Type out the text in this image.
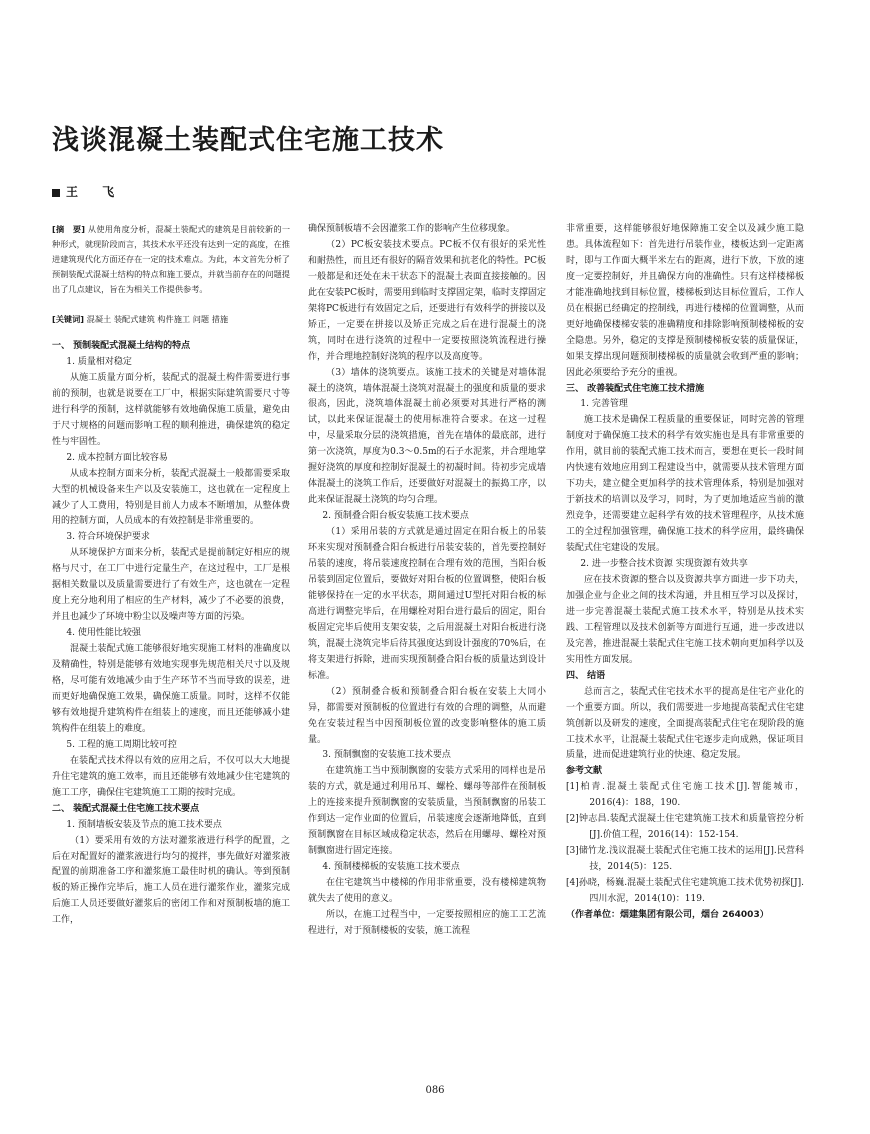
浅谈混凝土装配式住宅施工技术
王 飞

[摘　要] 从使用角度分析，混凝土装配式的建筑是目前较新的一种形式，就现阶段而言，其技术水平还没有达到一定的高度，在推进建筑现代化方面还存在一定的技术难点。为此，本文首先分析了预制装配式混凝土结构的特点和施工要点，并就当前存在的问题提出了几点建议，旨在为相关工作提供参考。

[关键词] 混凝土 装配式建筑 构件施工 问题 措施

一、 预制装配式混凝土结构的特点

1. 质量相对稳定

从施工质量方面分析，装配式的混凝土构件需要进行事前的预制，也就是说要在工厂中，根据实际建筑需要尺寸等进行科学的预制，这样就能够有效地确保施工质量，避免由于尺寸规格的问题而影响工程的顺利推进，确保建筑的稳定性与牢固性。

2. 成本控制方面比较容易

从成本控制方面来分析，装配式混凝土一般都需要采取大型的机械设备来生产以及安装施工，这也就在一定程度上减少了人工费用，特别是目前人力成本不断增加，从整体费用的控制方面，人员成本的有效控制是非常重要的。

3. 符合环境保护要求

从环境保护方面来分析，装配式是提前制定好相应的规格与尺寸，在工厂中进行定量生产，在这过程中，工厂是根据相关数量以及质量需要进行了有效生产，这也就在一定程度上充分地利用了相应的生产材料，减少了不必要的浪费，并且也减少了环境中粉尘以及噪声等方面的污染。

4. 使用性能比较强

混凝土装配式施工能够很好地实现施工材料的准确度以及精确性，特别是能够有效地实现事先规范相关尺寸以及规格，尽可能有效地减少由于生产环节不当而导致的误差，进而更好地确保施工效果，确保施工质量。同时，这样不仅能够有效地提升建筑构件在组装上的速度，而且还能够减小建筑构件在组装上的难度。

5. 工程的施工周期比较可控

在装配式技术得以有效的应用之后，不仅可以大大地提升住宅建筑的施工效率，而且还能够有效地减少住宅建筑的施工工序，确保住宅建筑施工工期的按时完成。

二、 装配式混凝土住宅施工技术要点

1. 预制墙板安装及节点的施工技术要点

（1）要采用有效的方法对灌浆液进行科学的配置，之后在对配置好的灌浆液进行均匀的搅拌，事先做好对灌浆液配置的前期准备工序和灌浆施工最佳时机的确认。等到预制板的矫正操作完毕后，施工人员在进行灌浆作业，灌浆完成后施工人员还要做好灌浆后的密闭工作和对预制板墙的施工工作，

确保预制板墙不会因灌浆工作的影响产生位移现象。

（2）PC板安装技术要点。PC板不仅有很好的采光性和耐热性，而且还有很好的隔音效果和抗老化的特性。PC板一般都是和还处在未干状态下的混凝土表面直接接触的。因此在安装PC板时，需要用到临时支撑固定架，临时支撑固定架将PC板进行有效固定之后，还要进行有效科学的拼接以及矫正，一定要在拼接以及矫正完成之后在进行混凝土的浇筑，同时在进行浇筑的过程中一定要按照浇筑流程进行操作，并合理地控制好浇筑的程序以及高度等。

（3）墙体的浇筑要点。该施工技术的关键是对墙体混凝土的浇筑，墙体混凝土浇筑对混凝土的强度和质量的要求很高，因此，浇筑墙体混凝土前必须要对其进行严格的测试，以此来保证混凝土的使用标准符合要求。在这一过程中，尽量采取分层的浇筑措施，首先在墙体的最底部，进行第一次浇筑，厚度为0.3～0.5m的石子水泥浆，并合理地掌握好浇筑的厚度和控制好混凝土的初凝时间。待初步完成墙体混凝土的浇筑工作后，还要做好对混凝土的振捣工序，以此来保证混凝土浇筑的均匀合理。

2. 预制叠合阳台板安装施工技术要点

（1）采用吊装的方式就是通过固定在阳台板上的吊装环来实现对预制叠合阳台板进行吊装安装的，首先要控制好吊装的速度，将吊装速度控制在合理有效的范围，当阳台板吊装到固定位置后，要做好对阳台板的位置调整，使阳台板能够保持在一定的水平状态，期间通过U型托对阳台板的标高进行调整完毕后，在用螺栓对阳台进行最后的固定，阳台板固定完毕后使用支架安装，之后用混凝土对阳台板进行浇筑，混凝土浇筑完毕后待其强度达到设计强度的70%后，在将支架进行拆除，进而实现预制叠合阳台板的质量达到设计标准。

（2）预制叠合板和预制叠合阳台板在安装上大同小异，都需要对预制板的位置进行有效的合理的调整，从而避免在安装过程当中因预制板位置的改变影响整体的施工质量。

3. 预制飘窗的安装施工技术要点

在建筑施工当中预制飘窗的安装方式采用的同样也是吊装的方式，就是通过利用吊耳、螺栓、螺母等部件在预制板上的连接来提升预制飘窗的安装质量，当预制飘窗的吊装工作到达一定作业面的位置后，吊装速度会逐渐地降低，直到预制飘窗在目标区域成稳定状态，然后在用螺母、螺栓对预制飘窗进行固定连接。

4. 预制楼梯板的安装施工技术要点

在住宅建筑当中楼梯的作用非常重要，没有楼梯建筑物就失去了使用的意义。

所以，在施工过程当中，一定要按照相应的施工工艺流程进行，对于预制楼板的安装，施工流程

非常重要，这样能够很好地保障施工安全以及减少施工隐患。具体流程如下：首先进行吊装作业，楼板达到一定距离时，即与工作面大概半米左右的距离，进行下放，下放的速度一定要控制好，并且确保方向的准确性。只有这样楼梯板才能准确地找到目标位置，楼梯板到达目标位置后，工作人员在根据已经确定的控制线，再进行楼梯的位置调整，从而更好地确保楼梯安装的准确精度和排除影响预制楼梯板的安全隐患。另外，稳定的支撑是预制楼梯板安装的质量保证，如果支撑出现问题预制楼梯板的质量就会收到严重的影响；因此必须要给予充分的重视。

三、 改善装配式住宅施工技术措施

1. 完善管理

施工技术是确保工程质量的重要保证，同时完善的管理制度对于确保施工技术的科学有效实施也是具有非常重要的作用，就目前的装配式施工技术而言，要想在更长一段时间内快速有效地应用到工程建设当中，就需要从技术管理方面下功夫，建立健全更加科学的技术管理体系，特别是加强对于新技术的培训以及学习，同时，为了更加地适应当前的激烈竞争，还需要建立起科学有效的技术管理程序，从技术施工的全过程加强管理，确保施工技术的科学应用，最终确保装配式住宅建设的发展。

2. 进一步整合技术资源 实现资源有效共享

应在技术资源的整合以及资源共享方面进一步下功夫，加强企业与企业之间的技术沟通，并且相互学习以及探讨，进一步完善混凝土装配式施工技术水平，特别是从技术实践、工程管理以及技术创新等方面进行互通，进一步改进以及完善，推进混凝土装配式住宅施工技术朝向更加科学以及实用性方面发展。

四、 结语

总而言之，装配式住宅技术水平的提高是住宅产业化的一个重要方面。所以，我们需要进一步地提高装配式住宅建筑创新以及研发的速度，全面提高装配式住宅在现阶段的施工技术水平，让混凝土装配式住宅逐步走向成熟，保证项目质量，进而促进建筑行业的快速、稳定发展。

参考文献

[1]柏青.混凝土装配式住宅施工技术[J].智能城市，2016(4)：188，190.

[2]钟志昌.装配式混凝土住宅建筑施工技术和质量管控分析[J].价值工程，2016(14)：152-154.

[3]储竹龙.浅议混凝土装配式住宅施工技术的运用[J].民营科技，2014(5)：125.

[4]孙晓，杨巍.混凝土装配式住宅建筑施工技术优势初探[J].四川水泥，2014(10)：119.

（作者单位：烟建集团有限公司，烟台 264003）

086
